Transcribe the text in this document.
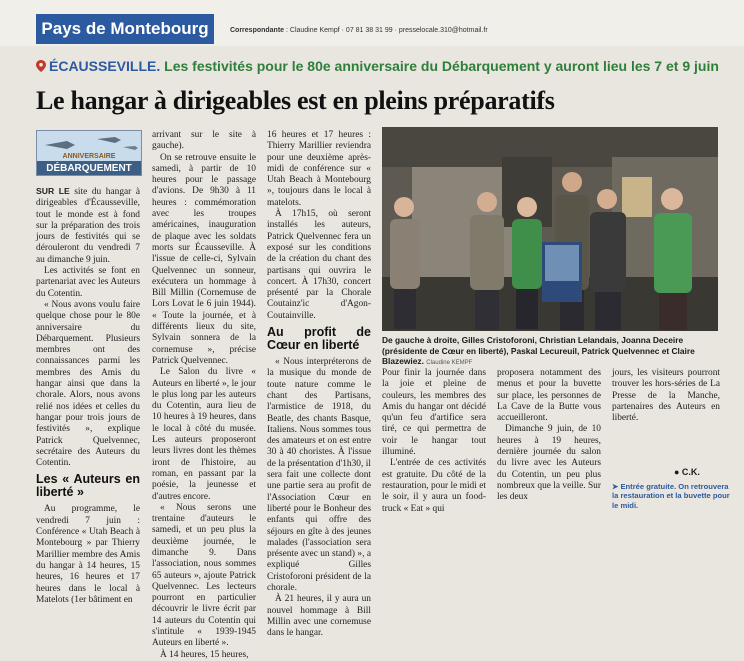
Pays de Montebourg	Correspondante : Claudine Kempf · 07 81 38 31 99 · presselocale.310@hotmail.fr
ÉCAUSSEVILLE. Les festivités pour le 80e anniversaire du Débarquement y auront lieu les 7 et 9 juin
Le hangar à dirigeables est en pleins préparatifs
ANNIVERSAIRE
DÉBARQUEMENT

SUR LE site du hangar à dirigeables d'Écausseville, tout le monde est à fond sur la préparation des trois jours de festivités qui se dérouleront du vendredi 7 au dimanche 9 juin.

Les activités se font en partenariat avec les Auteurs du Cotentin.

« Nous avons voulu faire quelque chose pour le 80e anniversaire du Débarquement. Plusieurs membres ont des connaissances parmi les membres des Amis du hangar ainsi que dans la chorale. Alors, nous avons relié nos idées et celles du hangar pour trois jours de festivités », explique Patrick Quelvennec, secrétaire des Auteurs du Cotentin.

Les « Auteurs en liberté »

Au programme, le vendredi 7 juin : Conférence « Utah Beach à Montebourg » par Thierry Marillier membre des Amis du hangar à 14 heures, 15 heures, 16 heures et 17 heures dans le local à Matelots (1er bâtiment en

arrivant sur le site à gauche).

On se retrouve ensuite le samedi, à partir de 10 heures pour le passage d'avions. De 9h30 à 11 heures : commémoration avec les troupes américaines, inauguration de plaque avec les soldats morts sur Écausseville. À l'issue de celle-ci, Sylvain Quelvennec un sonneur, exécutera un hommage à Bill Millin (Cornemuse de Lors Lovat le 6 juin 1944). « Toute la journée, et à différents lieux du site, Sylvain sonnera de la cornemuse », précise Patrick Quelvennec.

Le Salon du livre « Auteurs en liberté », le jour le plus long par les auteurs du Cotentin, aura lieu de 10 heures à 19 heures, dans le local à côté du musée. Les auteurs proposeront leurs livres dont les thèmes iront de l'histoire, au roman, en passant par la poésie, la jeunesse et d'autres encore.

« Nous serons une trentaine d'auteurs le samedi, et un peu plus la deuxième journée, le dimanche 9. Dans l'association, nous sommes 65 auteurs », ajoute Patrick Quelvennec. Les lecteurs pourront en particulier découvrir le livre écrit par 14 auteurs du Cotentin qui s'intitule « 1939-1945 Auteurs en liberté ».

À 14 heures, 15 heures,

16 heures et 17 heures : Thierry Marillier reviendra pour une deuxième après-midi de conférence sur « Utah Beach à Montebourg », toujours dans le local à matelots.

À 17h15, où seront installés les auteurs, Patrick Quelvennec fera un exposé sur les conditions de la création du chant des partisans qui ouvrira le concert. À 17h30, concert présenté par la Chorale Coutainz'ic d'Agon-Coutainville.

Au profit de Cœur en liberté

« Nous interpréterons de la musique du monde de toute nature comme le chant des Partisans, l'armistice de 1918, du Beatle, des chants Basque, Italiens. Nous sommes tous des amateurs et on est entre 30 à 40 choristes. À l'issue de la présentation d'1h30, il sera fait une collecte dont une partie sera au profit de l'Association Cœur en liberté pour le Bonheur des enfants qui offre des séjours en gîte à des jeunes malades (l'association sera présente avec un stand) », a expliqué Gilles Cristoforoni président de la chorale.

À 21 heures, il y aura un nouvel hommage à Bill Millin avec une cornemuse dans le hangar.

De gauche à droite, Gilles Cristoforoni, Christian Lelandais, Joanna Deceire (présidente de Cœur en liberté), Paskal Lecureuil, Patrick Quelvennec et Claire Blazewiez. Claudine KEMPF

Pour finir la journée dans la joie et pleine de couleurs, les membres des Amis du hangar ont décidé qu'un feu d'artifice sera tiré, ce qui permettra de voir le hangar tout illuminé.

L'entrée de ces activités est gratuite. Du côté de la restauration, pour le midi et le soir, il y aura un food-truck « Eat » qui

proposera notamment des menus et pour la buvette sur place, les personnes de La Cave de la Butte vous accueilleront.

Dimanche 9 juin, de 10 heures à 19 heures, dernière journée du salon du livre avec les Auteurs du Cotentin, un peu plus nombreux que la veille. Sur les deux

jours, les visiteurs pourront trouver les hors-séries de La Presse de la Manche, partenaires des Auteurs en liberté.

● C.K.
➤ Entrée gratuite. On retrouvera la restauration et la buvette pour le midi.
